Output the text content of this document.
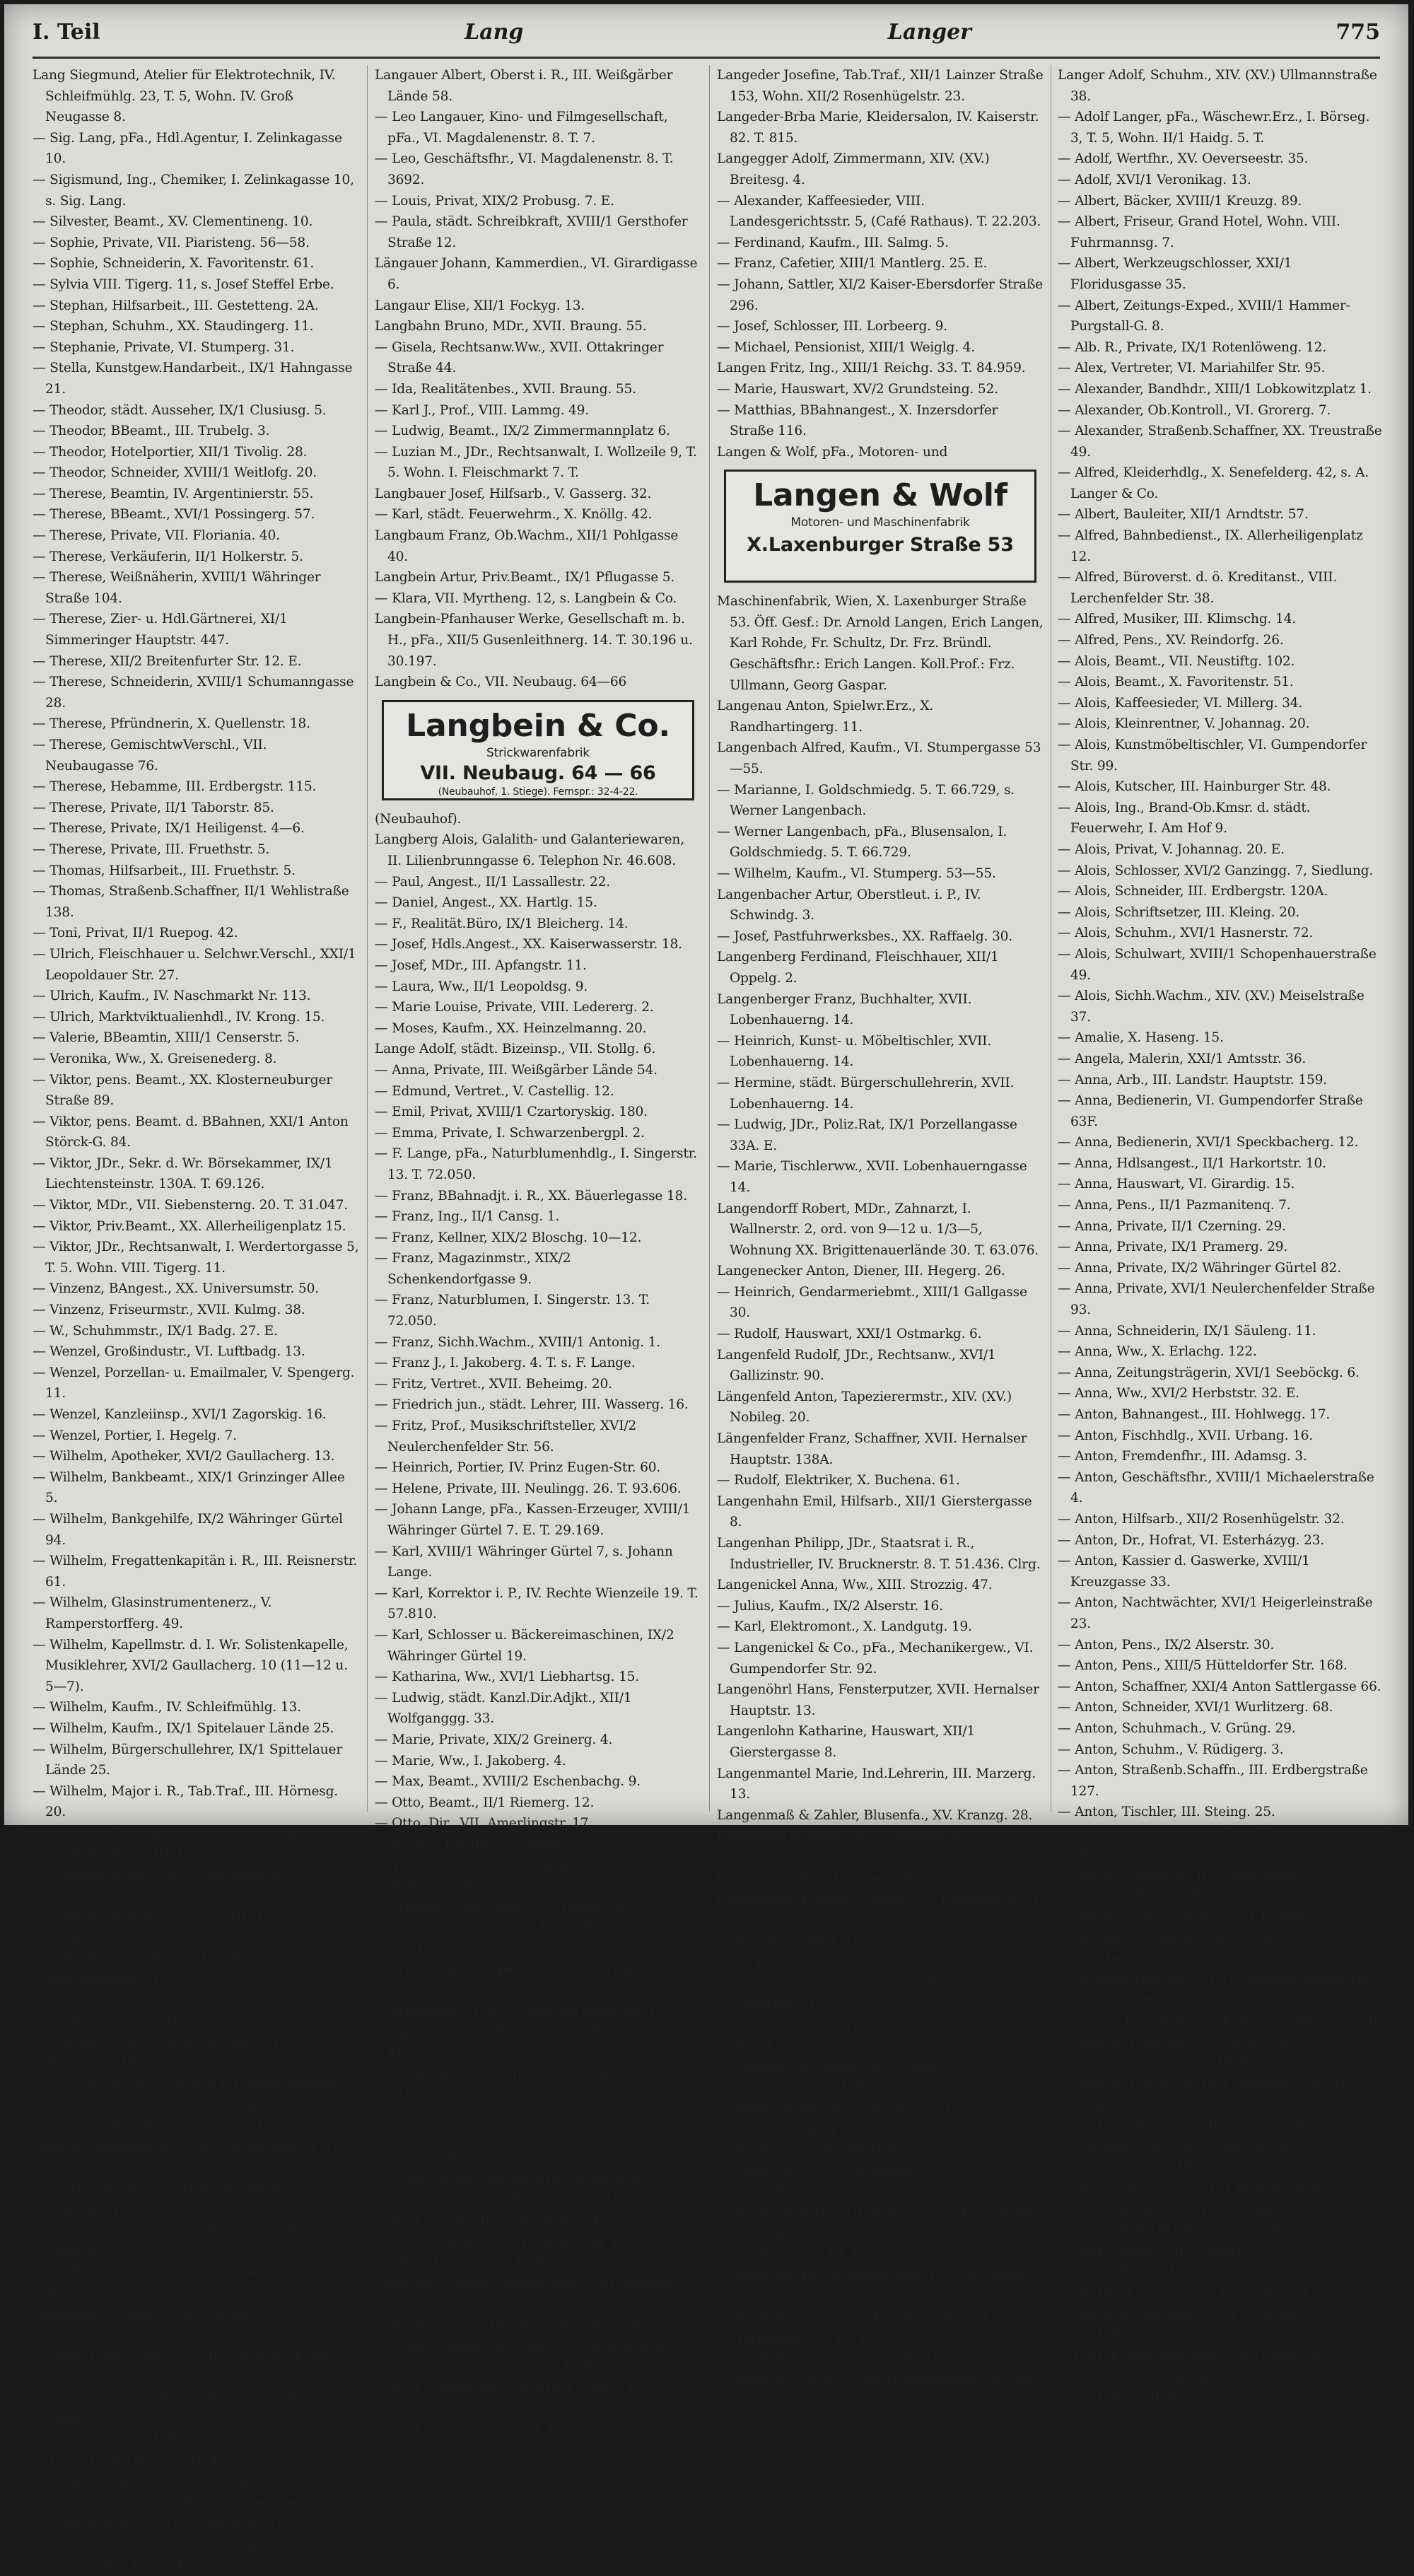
I. Teil	Lang	Langer	775

Lang Siegmund, Atelier für Elektrotechnik, IV. Schleifmühlg. 23, T. 5, Wohn. IV. Groß Neugasse 8.

— Sig. Lang, pFa., Hdl.Agentur, I. Zelinkagasse 10.

— Sigismund, Ing., Chemiker, I. Zelinkagasse 10, s. Sig. Lang.

— Silvester, Beamt., XV. Clementineng. 10.

— Sophie, Private, VII. Piaristeng. 56—58.

— Sophie, Schneiderin, X. Favoritenstr. 61.

— Sylvia VIII. Tigerg. 11, s. Josef Steffel Erbe.

— Stephan, Hilfsarbeit., III. Gestetteng. 2A.

— Stephan, Schuhm., XX. Staudingerg. 11.

— Stephanie, Private, VI. Stumperg. 31.

— Stella, Kunstgew.Handarbeit., IX/1 Hahngasse 21.

— Theodor, städt. Ausseher, IX/1 Clusiusg. 5.

— Theodor, BBeamt., III. Trubelg. 3.

— Theodor, Hotelportier, XII/1 Tivolig. 28.

— Theodor, Schneider, XVIII/1 Weitlofg. 20.

— Therese, Beamtin, IV. Argentinierstr. 55.

— Therese, BBeamt., XVI/1 Possingerg. 57.

— Therese, Private, VII. Floriania. 40.

— Therese, Verkäuferin, II/1 Holkerstr. 5.

— Therese, Weißnäherin, XVIII/1 Währinger Straße 104.

— Therese, Zier- u. Hdl.Gärtnerei, XI/1 Simmeringer Hauptstr. 447.

— Therese, XII/2 Breitenfurter Str. 12. E.

— Therese, Schneiderin, XVIII/1 Schumanngasse 28.

— Therese, Pfründnerin, X. Quellenstr. 18.

— Therese, GemischtwVerschl., VII. Neubaugasse 76.

— Therese, Hebamme, III. Erdbergstr. 115.

— Therese, Private, II/1 Taborstr. 85.

— Therese, Private, IX/1 Heiligenst. 4—6.

— Therese, Private, III. Fruethstr. 5.

— Thomas, Hilfsarbeit., III. Fruethstr. 5.

— Thomas, Straßenb.Schaffner, II/1 Wehlistraße 138.

— Toni, Privat, II/1 Ruepog. 42.

— Ulrich, Fleischhauer u. Selchwr.Verschl., XXI/1 Leopoldauer Str. 27.

— Ulrich, Kaufm., IV. Naschmarkt Nr. 113.

— Ulrich, Marktviktualienhdl., IV. Krong. 15.

— Valerie, BBeamtin, XIII/1 Censerstr. 5.

— Veronika, Ww., X. Greisenederg. 8.

— Viktor, pens. Beamt., XX. Klosterneuburger Straße 89.

— Viktor, pens. Beamt. d. BBahnen, XXI/1 Anton Störck-G. 84.

— Viktor, JDr., Sekr. d. Wr. Börsekammer, IX/1 Liechtensteinstr. 130A. T. 69.126.

— Viktor, MDr., VII. Siebensterng. 20. T. 31.047.

— Viktor, Priv.Beamt., XX. Allerheiligenplatz 15.

— Viktor, JDr., Rechtsanwalt, I. Werdertorgasse 5, T. 5. Wohn. VIII. Tigerg. 11.

— Vinzenz, BAngest., XX. Universumstr. 50.

— Vinzenz, Friseurmstr., XVII. Kulmg. 38.

— W., Schuhmmstr., IX/1 Badg. 27. E.

— Wenzel, Großindustr., VI. Luftbadg. 13.

— Wenzel, Porzellan- u. Emailmaler, V. Spengerg. 11.

— Wenzel, Kanzleiinsp., XVI/1 Zagorskig. 16.

— Wenzel, Portier, I. Hegelg. 7.

— Wilhelm, Apotheker, XVI/2 Gaullacherg. 13.

— Wilhelm, Bankbeamt., XIX/1 Grinzinger Allee 5.

— Wilhelm, Bankgehilfe, IX/2 Währinger Gürtel 94.

— Wilhelm, Fregattenkapitän i. R., III. Reisnerstr. 61.

— Wilhelm, Glasinstrumentenerz., V. Ramperstorfferg. 49.

— Wilhelm, Kapellmstr. d. I. Wr. Solistenkapelle, Musiklehrer, XVI/2 Gaullacherg. 10 (11—12 u. 5—7).

— Wilhelm, Kaufm., IV. Schleifmühlg. 13.

— Wilhelm, Kaufm., IX/1 Spitelauer Lände 25.

— Wilhelm, Bürgerschullehrer, IX/1 Spittelauer Lände 25.

— Wilhelm, Major i. R., Tab.Traf., III. Hörnesg. 20.

— Wilhelm, JDr., Min.Sekr., VIII. Lammg. 4.

— Wilhelm, Pens., III. Reisnerstr. 61.

— Wilhelm, Private, XVII. Seitenbergg. 78.

— Wilhelm, Schneider, XX. Wasnerg. 16.

— Wilhelm, Selchwr.Verschl., XIII/1 Glasauergasse 6.

— Wilhelmine, Näherin, XIV. (XV.) Henriettenplatz 1.

— Wilhelmine, Private, XIX/2 Geigering. 4.

— Willy, Privat, IX/1 Hahng. 6.

— Wladimir, Ob.Revid. d. BBahnen, III. Hohlwegg. 10.

— Lang & Co., pFa., en gros I. Elisabethstraße 22, T. 5358, Büro VI. Fillgraderg. 15, T. 5355, en détail VIII. Alserstr. 53. T. 28.115.

Lang & Grazenberger, pFa., Buchdruckerei, VI. Schmalzhofg. 39. T. 2300.

Lang-Donath Hedwig, MDr., Assistentin, a. d. Poliklinik, IX/2 Alserstr. 24 (3—4). T. 24.669.

Lang-Jovanović J., Schiffahrts-Vertret., IV. Johann Straußg. 6.

Lang-Puchhof sen. Karl, Dir., IV. Wiedner Gürtel 42.

Langanger Johann, Sichh.Wachm., XIV. (XV.) Schwegierstr. 25.

— Robert, Eisendreher, XVI/1 Friedrich Kaiser-G. 81.

Langasch C., Chauffeur, V. Reinprechtsdorfer Straße 2.

— Franz, Vertret., I. Weihburgg. 14.

— Josef, Bank-Ob.Insp., IV. Kennong. 22.

— Rosa, Schneiderin, XX. Spergg. 2.

Langaschek Augustin, Pfarrer in Jedlesee, Religion-Insp., XXI/1 Lorettoplatz 1.

— Franz, Hdl.Angest., V. Pilgramg. 15.

— Karl, Prof. i. P., VII. Kaiserstr. 5.

Langauer Albert, Oberst i. R., III. Weißgärber Lände 58.

— Leo Langauer, Kino- und Filmgesellschaft, pFa., VI. Magdalenenstr. 8. T. 7.

— Leo, Geschäftsfhr., VI. Magdalenenstr. 8. T. 3692.

— Louis, Privat, XIX/2 Probusg. 7. E.

— Paula, städt. Schreibkraft, XVIII/1 Gersthofer Straße 12.

Längauer Johann, Kammerdien., VI. Girardigasse 6.

Langaur Elise, XII/1 Fockyg. 13.

Langbahn Bruno, MDr., XVII. Braung. 55.

— Gisela, Rechtsanw.Ww., XVII. Ottakringer Straße 44.

— Ida, Realitätenbes., XVII. Braung. 55.

— Karl J., Prof., VIII. Lammg. 49.

— Ludwig, Beamt., IX/2 Zimmermannplatz 6.

— Luzian M., JDr., Rechtsanwalt, I. Wollzeile 9, T. 5. Wohn. I. Fleischmarkt 7. T.

Langbauer Josef, Hilfsarb., V. Gasserg. 32.

— Karl, städt. Feuerwehrm., X. Knöllg. 42.

Langbaum Franz, Ob.Wachm., XII/1 Pohlgasse 40.

Langbein Artur, Priv.Beamt., IX/1 Pflugasse 5.

— Klara, VII. Myrtheng. 12, s. Langbein & Co.

Langbein-Pfanhauser Werke, Gesellschaft m. b. H., pFa., XII/5 Gusenleithnerg. 14. T. 30.196 u. 30.197.

Langbein & Co., VII. Neubaug. 64—66

Langbein & Co.
Strickwarenfabrik
VII. Neubaug. 64 — 66
(Neubauhof, 1. Stiege). Fernspr.: 32-4-22.

(Neubauhof).

Langberg Alois, Galalith- und Galanteriewaren, II. Lilienbrunngasse 6. Telephon Nr. 46.608.

— Paul, Angest., II/1 Lassallestr. 22.

— Daniel, Angest., XX. Hartlg. 15.

— F., Realität.Büro, IX/1 Bleicherg. 14.

— Josef, Hdls.Angest., XX. Kaiserwasserstr. 18.

— Josef, MDr., III. Apfangstr. 11.

— Laura, Ww., II/1 Leopoldsg. 9.

— Marie Louise, Private, VIII. Ledererg. 2.

— Moses, Kaufm., XX. Heinzelmanng. 20.

Lange Adolf, städt. Bizeinsp., VII. Stollg. 6.

— Anna, Private, III. Weißgärber Lände 54.

— Edmund, Vertret., V. Castellig. 12.

— Emil, Privat, XVIII/1 Czartoryskig. 180.

— Emma, Private, I. Schwarzenbergpl. 2.

— F. Lange, pFa., Naturblumenhdlg., I. Singerstr. 13. T. 72.050.

— Franz, BBahnadjt. i. R., XX. Bäuerlegasse 18.

— Franz, Ing., II/1 Cansg. 1.

— Franz, Kellner, XIX/2 Bloschg. 10—12.

— Franz, Magazinmstr., XIX/2 Schenkendorfgasse 9.

— Franz, Naturblumen, I. Singerstr. 13. T. 72.050.

— Franz, Sichh.Wachm., XVIII/1 Antonig. 1.

— Franz J., I. Jakoberg. 4. T. s. F. Lange.

— Fritz, Vertret., XVII. Beheimg. 20.

— Friedrich jun., städt. Lehrer, III. Wasserg. 16.

— Fritz, Prof., Musikschriftsteller, XVI/2 Neulerchenfelder Str. 56.

— Heinrich, Portier, IV. Prinz Eugen-Str. 60.

— Helene, Private, III. Neulingg. 26. T. 93.606.

— Johann Lange, pFa., Kassen-Erzeuger, XVIII/1 Währinger Gürtel 7. E. T. 29.169.

— Karl, XVIII/1 Währinger Gürtel 7, s. Johann Lange.

— Karl, Korrektor i. P., IV. Rechte Wienzeile 19. T. 57.810.

— Karl, Schlosser u. Bäckereimaschinen, IX/2 Währinger Gürtel 19.

— Katharina, Ww., XVI/1 Liebhartsg. 15.

— Ludwig, städt. Kanzl.Dir.Adjkt., XII/1 Wolfganggg. 33.

— Marie, Private, XIX/2 Greinerg. 4.

— Marie, Ww., I. Jakoberg. 4.

— Max, Beamt., XVIII/2 Eschenbachg. 9.

— Otto, Beamt., II/1 Riemerg. 12.

— Otto, Dir., VII. Amerlingstr. 17.

— Robert, Kaufm., V. Zentag. 7.

— Therese, Ww., XX. Raffaelg. 28.

— Wilhelm, Ofensetzer, X. Laaer Str. 157.

— Wilhelm, Tapezierer, VIII. Bandg. 36.

— Wilhelm, Private, VIII. Roter Hof 12. E. T. 28.217. Clrg.

— Wilhelm jun., Tapezierer, VII. Piaristengasse 50.

— Wilhelmine, Priv., V. Schönbrunner Str. 60.

Langecker Franz, Bauwerkführ., III. Klimschgasse 3.

— Franz, Hilfsarb., XII/1 Kridlbaumg. 30.

— Hans Gerhard, Straßenb.Beamt., III. Walterg. 3.

— Hans Gerhard, Straßenb.Bizeinsp., III. Erdbergstr. 23.

— Josef, Metallschleifer, XIII. Linzerberg. 5.

— Josef, Schlosser, XIX/1 Iglaseeg. 10.

— Karl, Trafik, III. Kardinal Nagl-Platz 7.

— Lina, Hauswart, XI/1 Canalettog. 16.

— Mizi, Hilfsarbtrin., II. Bandg. 12.

Langeder Andreas, Bankbeamt., VIII. Feldgasse 3.

— E., Rechn.Rat, VII. Neustiftg. 36—36A.

— Franz, BBahn-Ob.Revid., XX. Heinestraße 22.

— Johann, Ger.Ob.Offzl., II/1 Ratfaktg. 47.

— Karl, Bankbeamt i. P., XIII/1 Gurkg. 15.

— Karl, städt. Lehrer, XII/1 Altmanng. 25.

— Karl, Zuckerbäcker, III. Bandg. 36.

Langeder Josefine, Tab.Traf., XII/1 Lainzer Straße 153, Wohn. XII/2 Rosenhügelstr. 23.

Langeder-Brba Marie, Kleidersalon, IV. Kaiserstr. 82. T. 815.

Langegger Adolf, Zimmermann, XIV. (XV.) Breitesg. 4.

— Alexander, Kaffeesieder, VIII. Landesgerichtsstr. 5, (Café Rathaus). T. 22.203.

— Ferdinand, Kaufm., III. Salmg. 5.

— Franz, Cafetier, XIII/1 Mantlerg. 25. E.

— Johann, Sattler, XI/2 Kaiser-Ebersdorfer Straße 296.

— Josef, Schlosser, III. Lorbeerg. 9.

— Michael, Pensionist, XIII/1 Weiglg. 4.

Langen Fritz, Ing., XIII/1 Reichg. 33. T. 84.959.

— Marie, Hauswart, XV/2 Grundsteing. 52.

— Matthias, BBahnangest., X. Inzersdorfer Straße 116.

Langen & Wolf, pFa., Motoren- und

Langen & Wolf
Motoren- und Maschinenfabrik
X.Laxenburger Straße 53

Maschinenfabrik, Wien, X. Laxenburger Straße 53. Öff. Gesf.: Dr. Arnold Langen, Erich Langen, Karl Rohde, Fr. Schultz, Dr. Frz. Bründl. Geschäftsfhr.: Erich Langen. Koll.Prof.: Frz. Ullmann, Georg Gaspar.

Langenau Anton, Spielwr.Erz., X. Randhartingerg. 11.

Langenbach Alfred, Kaufm., VI. Stumpergasse 53—55.

— Marianne, I. Goldschmiedg. 5. T. 66.729, s. Werner Langenbach.

— Werner Langenbach, pFa., Blusensalon, I. Goldschmiedg. 5. T. 66.729.

— Wilhelm, Kaufm., VI. Stumperg. 53—55.

Langenbacher Artur, Oberstleut. i. P., IV. Schwindg. 3.

— Josef, Pastfuhrwerksbes., XX. Raffaelg. 30.

Langenberg Ferdinand, Fleischhauer, XII/1 Oppelg. 2.

Langenberger Franz, Buchhalter, XVII. Lobenhauerng. 14.

— Heinrich, Kunst- u. Möbeltischler, XVII. Lobenhauerng. 14.

— Hermine, städt. Bürgerschullehrerin, XVII. Lobenhauerng. 14.

— Ludwig, JDr., Poliz.Rat, IX/1 Porzellangasse 33A. E.

— Marie, Tischlerww., XVII. Lobenhauerngasse 14.

Langendorff Robert, MDr., Zahnarzt, I. Wallnerstr. 2, ord. von 9—12 u. 1/3—5, Wohnung XX. Brigittenauerlände 30. T. 63.076.

Langenecker Anton, Diener, III. Hegerg. 26.

— Heinrich, Gendarmeriebmt., XIII/1 Gallgasse 30.

— Rudolf, Hauswart, XXI/1 Ostmarkg. 6.

Langenfeld Rudolf, JDr., Rechtsanw., XVI/1 Gallizinstr. 90.

Längenfeld Anton, Tapezierermstr., XIV. (XV.) Nobileg. 20.

Längenfelder Franz, Schaffner, XVII. Hernalser Hauptstr. 138A.

— Rudolf, Elektriker, X. Buchena. 61.

Langenhahn Emil, Hilfsarb., XII/1 Gierstergasse 8.

Langenhan Philipp, JDr., Staatsrat i. R., Industrieller, IV. Brucknerstr. 8. T. 51.436. Clrg.

Langenickel Anna, Ww., XIII. Strozzig. 47.

— Julius, Kaufm., IX/2 Alserstr. 16.

— Karl, Elektromont., X. Landgutg. 19.

— Langenickel & Co., pFa., Mechanikergew., VI. Gumpendorfer Str. 92.

Langenöhrl Hans, Fensterputzer, XVII. Hernalser Hauptstr. 13.

Langenlohn Katharine, Hauswart, XII/1 Gierstergasse 8.

Langenmantel Marie, Ind.Lehrerin, III. Marzerg. 13.

Langenmaß & Zahler, Blusenfa., XV. Kranzg. 28.

Langenmichl Anna, Ob.Garderobierin, X. Landmautg. 10.

Langenscheidt 2, Private, V. Diehlg. 2A.

Langenstein Eduard, Musiker, VI. Liniengasse 21.

Langer A., Hausbesitzer, XIV. (XV.) Braunhirscheng. 21. E.

— A., Kaufm., IX/1 Grünentorg. 19A.

— A. Langer & Co., pFa., Schneidergew., X. Keplerplatz 13.

— Abraham, Zimmermaler, XX. Klosterneuburger Str. 34.

— Adalbert, Reisender, II/1 Malzg. 15.

— Adele, Pens., VIII. Pfeilg. 53.

— Adolf, Dachdeckergeh., XIV. (XV.) Braunhirscheng. 21. E.

— Adolf, Drechsler, XVI/1 Kirchstetterngasse 17.

— Adolf, Dir., VIII. Fuhrmannsg. 2.

— Adolf, Fabriksarb., XXI/1 Aufeldstr. 168.

— Adolf, Hafwirt, XVII. Rokitanskyg. 45, s. Weber & Comp.

— Adolf, Gerber, III. Kübeckg. 12.

— Adolf, Kaufm., X. Keplerplatz 13, s. A. Langer & Co.

— Adolf, Parfümerie- u. Kammwrhdlg., VI. Mariahilfer Str. 49. T. 6958.

— Adolf, Pens., XX/1 Kolonieftr. 18.

— Adolf, Ravonsinsp., XXI/1 Donaufelder Straße 246.

Langer Adolf, Schuhm., XIV. (XV.) Ullmannstraße 38.

— Adolf Langer, pFa., Wäschewr.Erz., I. Börseg. 3, T. 5, Wohn. II/1 Haidg. 5. T.

— Adolf, Wertfhr., XV. Oeverseestr. 35.

— Adolf, XVI/1 Veronikag. 13.

— Albert, Bäcker, XVIII/1 Kreuzg. 89.

— Albert, Friseur, Grand Hotel, Wohn. VIII. Fuhrmannsg. 7.

— Albert, Werkzeugschlosser, XXI/1 Floridusgasse 35.

— Albert, Zeitungs-Exped., XVIII/1 Hammer-Purgstall-G. 8.

— Alb. R., Private, IX/1 Rotenlöweng. 12.

— Alex, Vertreter, VI. Mariahilfer Str. 95.

— Alexander, Bandhdr., XIII/1 Lobkowitzplatz 1.

— Alexander, Ob.Kontroll., VI. Grorerg. 7.

— Alexander, Straßenb.Schaffner, XX. Treustraße 49.

— Alfred, Kleiderhdlg., X. Senefelderg. 42, s. A. Langer & Co.

— Albert, Bauleiter, XII/1 Arndtstr. 57.

— Alfred, Bahnbedienst., IX. Allerheiligenplatz 12.

— Alfred, Büroverst. d. ö. Kreditanst., VIII. Lerchenfelder Str. 38.

— Alfred, Musiker, III. Klimschg. 14.

— Alfred, Pens., XV. Reindorfg. 26.

— Alois, Beamt., VII. Neustiftg. 102.

— Alois, Beamt., X. Favoritenstr. 51.

— Alois, Kaffeesieder, VI. Millerg. 34.

— Alois, Kleinrentner, V. Johannag. 20.

— Alois, Kunstmöbeltischler, VI. Gumpendorfer Str. 99.

— Alois, Kutscher, III. Hainburger Str. 48.

— Alois, Ing., Brand-Ob.Kmsr. d. städt. Feuerwehr, I. Am Hof 9.

— Alois, Privat, V. Johannag. 20. E.

— Alois, Schlosser, XVI/2 Ganzingg. 7, Siedlung.

— Alois, Schneider, III. Erdbergstr. 120A.

— Alois, Schriftsetzer, III. Kleing. 20.

— Alois, Schuhm., XVI/1 Hasnerstr. 72.

— Alois, Schulwart, XVIII/1 Schopenhauerstraße 49.

— Alois, Sichh.Wachm., XIV. (XV.) Meiselstraße 37.

— Amalie, X. Haseng. 15.

— Angela, Malerin, XXI/1 Amtsstr. 36.

— Anna, Arb., III. Landstr. Hauptstr. 159.

— Anna, Bedienerin, VI. Gumpendorfer Straße 63F.

— Anna, Bedienerin, XVI/1 Speckbacherg. 12.

— Anna, Hdlsangest., II/1 Harkortstr. 10.

— Anna, Hauswart, VI. Girardig. 15.

— Anna, Pens., II/1 Pazmanitenq. 7.

— Anna, Private, II/1 Czerning. 29.

— Anna, Private, IX/1 Pramerg. 29.

— Anna, Private, IX/2 Währinger Gürtel 82.

— Anna, Private, XVI/1 Neulerchenfelder Straße 93.

— Anna, Schneiderin, IX/1 Säuleng. 11.

— Anna, Ww., X. Erlachg. 122.

— Anna, Zeitungsträgerin, XVI/1 Seeböckg. 6.

— Anna, Ww., XVI/2 Herbststr. 32. E.

— Anton, Bahnangest., III. Hohlwegg. 17.

— Anton, Fischhdlg., XVII. Urbang. 16.

— Anton, Fremdenfhr., III. Adamsg. 3.

— Anton, Geschäftsfhr., XVIII/1 Michaelerstraße 4.

— Anton, Hilfsarb., XII/2 Rosenhügelstr. 32.

— Anton, Dr., Hofrat, VI. Esterházyg. 23.

— Anton, Kassier d. Gaswerke, XVIII/1 Kreuzgasse 33.

— Anton, Nachtwächter, XVI/1 Heigerleinstraße 23.

— Anton, Pens., IX/2 Alserstr. 30.

— Anton, Pens., XIII/5 Hütteldorfer Str. 168.

— Anton, Schaffner, XXI/4 Anton Sattlergasse 66.

— Anton, Schneider, XVI/1 Wurlitzerg. 68.

— Anton, Schuhmach., V. Grüng. 29.

— Anton, Schuhm., V. Rüdigerg. 3.

— Anton, Straßenb.Schaffn., III. Erdbergstraße 127.

— Anton, Tischler, III. Steing. 25.

— Anton, Ob.Werkmstr., XIV. (XV.) Hollergasse 46.

— Anton, Werkmstr., III. Paulusplatz 9.

— Antonie, Pens., V. Reinprechtsdorfer Str. 18.

— Antonie, Pfründnerin, XXI/1 Hopfeng. 4.

— Antonie, Inhaberin, elektr. Wäscherolle, X. Arikaberplatz 1.

— Armand, Gen.Vertr., IX/1 Grünentorgasse 19A.

— Arnold, Vertr., III. Streicherg. 5. Clrg.

— Arthur, Ing., Vertr., IV. Kettenbrückengasse 20.

— August, Kutscher, XIII. Aichhorng. 13.

— August, Priv.Beamt., II/1 Flurschützstr. 7.

— August, Private, XVIII/1 Währinger Str. 187.

— August, Schlosser, XXI/1 Brünner Str. 132.

— Barbara, Hauswart, II/1 Schüttelstr. 9.

— Barbara, Ww., XXI/1 Jedlesee Str. 55. E.

— Bernhard, JDr., III. Karmeliterg. 7.

— Bernhard, Reisend., II/1 Rembrandtstr. 9.

— Berta, Beamtin, VIII. Laudong. 7.

— Berta, Post-Ob.Offzl.Ww., XX. Wallensteinstr. 9.

— Berta, Private, II/1 Nestroy. 8.

— Berta, Ww., II/1 Novarag. 36A.

— Berthold, III. Landstr. Hauptstr. 141.

— Berthold, Buchhalt., IX/1 D'Orsayg. 9.

— Carl, Beamter, V. Blechturmg. 33.

— Carl, Kaffeerestaurant, XIII/1 Auhofstr. 1. T. 82.070, Wohnung XIII/1 Maxingstraße Nr. 14.

— Carl, Ing., III. Reisnerstr. 7.
